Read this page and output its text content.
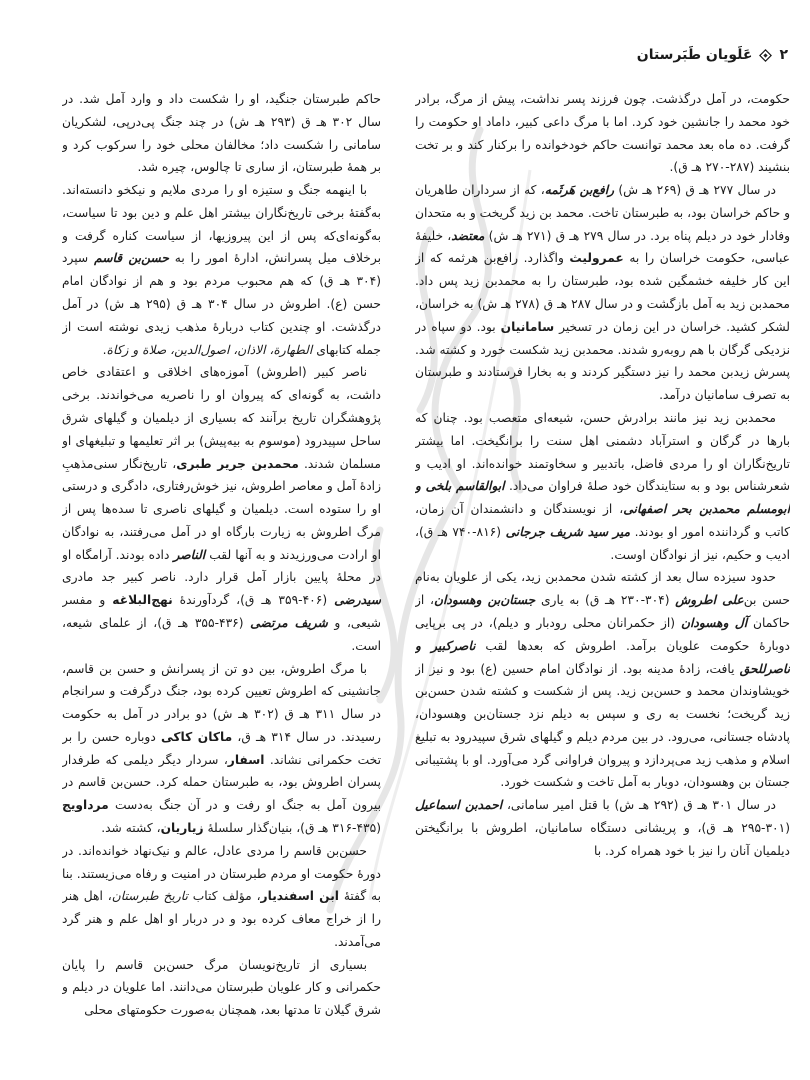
۲
عَلَویان طَبَرستان

حکومت، در آمل درگذشت. چون فرزند پسر نداشت، پیش از مرگ، برادر خود محمد را جانشین خود کرد. اما با مرگ داعی کبیر، داماد او حکومت را گرفت. ده ماه بعد محمد توانست حاکم خودخوانده را برکنار کند و بر تخت بنشیند (۲۸۷-۲۷۰ هـ ق).

در سال ۲۷۷ هـ ق (۲۶۹ هـ ش) رافع‌بن هَرثَمه، که از سرداران طاهریان و حاکم خراسان بود، به طبرستان تاخت. محمد بن زید گریخت و به متحدان وفادار خود در دیلم پناه برد. در سال ۲۷۹ هـ ق (۲۷۱ هـ ش) معتضد، خلیفهٔ عباسی، حکومت خراسان را به عمرولیث واگذارد. رافع‌بن هرثمه که از این کار خلیفه خشمگین شده بود، طبرستان را به محمدبن زید پس داد. محمدبن زید به آمل بازگشت و در سال ۲۸۷ هـ ق (۲۷۸ هـ ش) به خراسان، لشکر کشید. خراسان در این زمان در تسخیر سامانیان بود. دو سپاه در نزدیکی گرگان با هم روبه‌رو شدند. محمدبن زید شکست خورد و کشته شد. پسرش زیدبن محمد را نیز دستگیر کردند و به بخارا فرستادند و طبرستان به تصرف سامانیان درآمد.

محمدبن زید نیز مانند برادرش حسن، شیعه‌ای متعصب بود. چنان که بارها در گرگان و استرآباد دشمنی اهل سنت را برانگیخت. اما بیشتر تاریخ‌نگاران او را مردی فاضل، باتدبیر و سخاوتمند خوانده‌اند. او ادیب و شعرشناس بود و به ستایندگان خود صلهٔ فراوان می‌داد. ابوالقاسم بلخی و ابومسلم محمدبن بحر اصفهانی، از نویسندگان و دانشمندان آن زمان، کاتب و گرداننده امور او بودند. میر سید شریف جرجانی (۸۱۶-۷۴۰ هـ ق)، ادیب و حکیم، نیز از نوادگان اوست.

حدود سیزده سال بعد از کشته شدن محمدبن زید، یکی از علویان به‌نام حسن بن‌علی اطروش (۳۰۴-۲۳۰ هـ ق) به یاری جستان‌بن وهسودان، از حاکمان آل وهسودان (از حکمرانان محلی رودبار و دیلم)، در پی برپایی دوبارهٔ حکومت علویان برآمد. اطروش که بعدها لقب ناصرکبیر و ناصرللحق یافت، زادهٔ مدینه بود. از نوادگان امام حسین (ع) بود و نیز از خویشاوندان محمد و حسن‌بن زید. پس از شکست و کشته شدن حسن‌بن زید گریخت؛ نخست به ری و سپس به دیلم نزد جستان‌بن وهسودان، پادشاه جستانی، می‌رود. در بین مردم دیلم و گیلهای شرق سپیدرود به تبلیغ اسلام و مذهب زید می‌پردازد و پیروان فراوانی گرد می‌آورد. او با پشتیبانی جستان بن وهسودان، دوبار به آمل تاخت و شکست خورد.

در سال ۳۰۱ هـ ق (۲۹۲ هـ ش) با قتل امیر سامانی، احمدبن اسماعیل (۳۰۱-۲۹۵ هـ ق)، و پریشانی دستگاه سامانیان، اطروش با برانگیختن دیلمیان آنان را نیز با خود همراه کرد. با

حاکم طبرستان جنگید، او را شکست داد و وارد آمل شد. در سال ۳۰۲ هـ ق (۲۹۳ هـ ش) در چند جنگ پی‌درپی، لشکریان سامانی را شکست داد؛ مخالفان محلی خود را سرکوب کرد و بر همهٔ طبرستان، از ساری تا چالوس، چیره شد.

با اینهمه جنگ و ستیزه او را مردی ملایم و نیکخو دانسته‌اند. به‌گفتهٔ برخی تاریخ‌نگاران بیشتر اهل علم و دین بود تا سیاست، به‌گونه‌ای‌که پس از این پیروزیها، از سیاست کناره گرفت و برخلاف میل پسرانش، ادارهٔ امور را به حسن‌بن قاسم سپرد (۳۰۴ هـ ق) که هم محبوب مردم بود و هم از نوادگان امام حسن (ع). اطروش در سال ۳۰۴ هـ ق (۲۹۵ هـ ش) در آمل درگذشت. او چندین کتاب دربارهٔ مذهب زیدی نوشته است از جمله کتابهای الطهارة، الاذان، اصول‌الدین، صلاة و زکاة.

ناصر کبیر (اطروش) آموزه‌های اخلاقی و اعتقادی خاص داشت، به گونه‌ای که پیروان او را ناصریه می‌خواندند. برخی پژوهشگران تاریخ برآنند که بسیاری از دیلمیان و گیلهای شرق ساحل سپیدرود (موسوم به بیه‌پیش) بر اثر تعلیمها و تبلیغهای او مسلمان شدند. محمدبن جریر طبری، تاریخ‌نگار سنی‌مذهبِ زادهٔ آمل و معاصر اطروش، نیز خوش‌رفتاری، دادگری و درستی او را ستوده است. دیلمیان و گیلهای ناصری تا سده‌ها پس از مرگ اطروش به زیارت بارگاه او در آمل می‌رفتند، به نوادگان او ارادت می‌ورزیدند و به آنها لقب الناصر داده بودند. آرامگاه او در محلهٔ پایین بازار آمل قرار دارد. ناصر کبیر جد مادری سیدرضی (۴۰۶-۳۵۹ هـ ق)، گردآورندهٔ نهج‌البلاغه و مفسر شیعی، و شریف مرتضی (۴۳۶-۳۵۵ هـ ق)، از علمای شیعه، است.

با مرگ اطروش، بین دو تن از پسرانش و حسن بن قاسم، جانشینی که اطروش تعیین کرده بود، جنگ درگرفت و سرانجام در سال ۳۱۱ هـ ق (۳۰۲ هـ ش) دو برادر در آمل به حکومت رسیدند. در سال ۳۱۴ هـ ق، ماکان کاکی دوباره حسن را بر تخت حکمرانی نشاند. اسفار، سردار دیگر دیلمی که طرفدار پسران اطروش بود، به طبرستان حمله کرد. حسن‌بن قاسم در بیرون آمل به جنگ او رفت و در آن جنگ به‌دست مرداویج (۴۳۵-۳۱۶ هـ ق)، بنیان‌گذار سلسلهٔ زیاریان، کشته شد.

حسن‌بن قاسم را مردی عادل، عالم و نیک‌نهاد خوانده‌اند. در دورهٔ حکومت او مردم طبرستان در امنیت و رفاه می‌زیستند. بنا به گفتهٔ ابن اسفندیار، مؤلف کتاب تاریخ طبرستان، اهل هنر را از خراج معاف کرده بود و در دربار او اهل علم و هنر گرد می‌آمدند.

بسیاری از تاریخ‌نویسان مرگ حسن‌بن قاسم را پایان حکمرانی و کار علویان طبرستان می‌دانند. اما علویان در دیلم و شرق گیلان تا مدتها بعد، همچنان به‌صورت حکومتهای محلی
